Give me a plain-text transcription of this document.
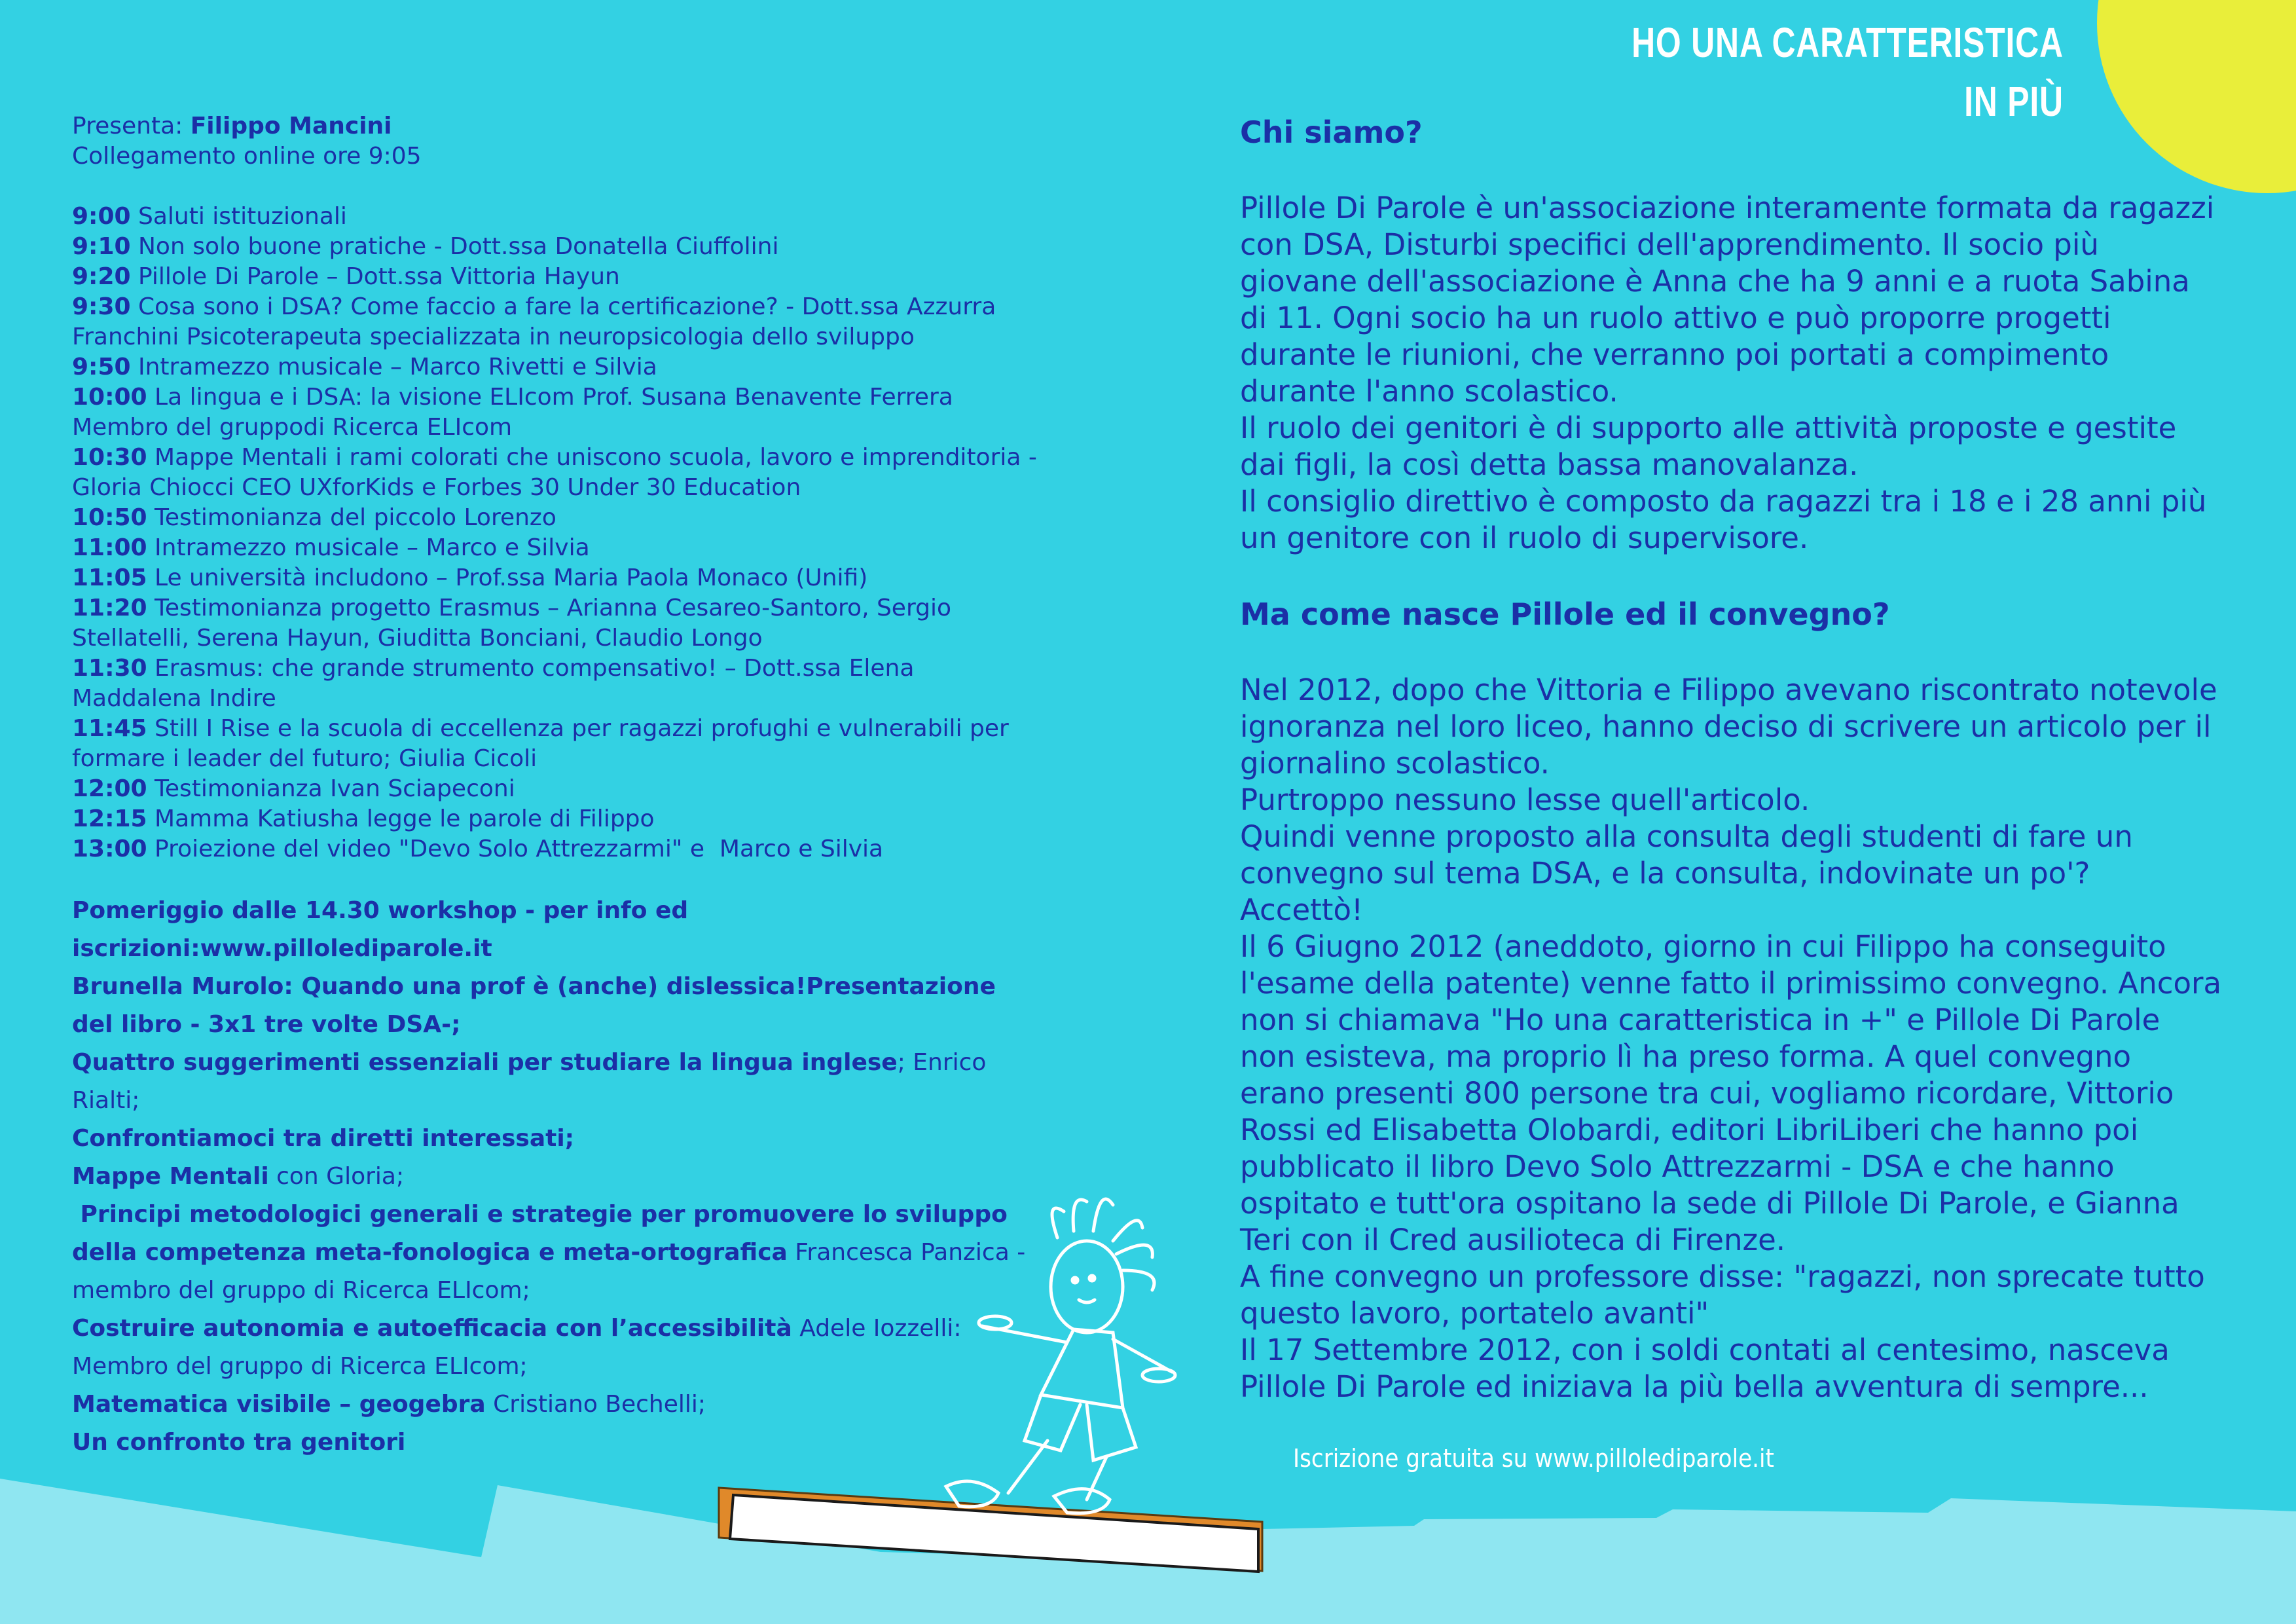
HO UNA CARATTERISTICA
IN PIÙ
Presenta: Filippo Mancini
Collegamento online ore 9:05
9:00 Saluti istituzionali
9:10 Non solo buone pratiche - Dott.ssa Donatella Ciuffolini
9:20 Pillole Di Parole – Dott.ssa Vittoria Hayun
9:30 Cosa sono i DSA? Come faccio a fare la certificazione? - Dott.ssa Azzurra
Franchini Psicoterapeuta specializzata in neuropsicologia dello sviluppo
9:50 Intramezzo musicale – Marco Rivetti e Silvia
10:00 La lingua e i DSA: la visione ELIcom Prof. Susana Benavente Ferrera
Membro del gruppodi Ricerca ELIcom
10:30 Mappe Mentali i rami colorati che uniscono scuola, lavoro e imprenditoria -
Gloria Chiocci CEO UXforKids e Forbes 30 Under 30 Education
10:50 Testimonianza del piccolo Lorenzo
11:00 Intramezzo musicale – Marco e Silvia
11:05 Le università includono – Prof.ssa Maria Paola Monaco (Unifi)
11:20 Testimonianza progetto Erasmus – Arianna Cesareo-Santoro, Sergio
Stellatelli, Serena Hayun, Giuditta Bonciani, Claudio Longo
11:30 Erasmus: che grande strumento compensativo! – Dott.ssa Elena
Maddalena Indire
11:45 Still I Rise e la scuola di eccellenza per ragazzi profughi e vulnerabili per
formare i leader del futuro; Giulia Cicoli
12:00 Testimonianza Ivan Sciapeconi
12:15 Mamma Katiusha legge le parole di Filippo
13:00 Proiezione del video "Devo Solo Attrezzarmi" e  Marco e Silvia
Pomeriggio dalle 14.30 workshop - per info ed
iscrizioni:www.pillolediparole.it
Brunella Murolo: Quando una prof è (anche) dislessica!Presentazione
del libro - 3x1 tre volte DSA-;
Quattro suggerimenti essenziali per studiare la lingua inglese; Enrico
Rialti;
Confrontiamoci tra diretti interessati;
Mappe Mentali con Gloria;
Principi metodologici generali e strategie per promuovere lo sviluppo
della competenza meta-fonologica e meta-ortografica Francesca Panzica -
membro del gruppo di Ricerca ELIcom;
Costruire autonomia e autoefficacia con l’accessibilità Adele Iozzelli:
Membro del gruppo di Ricerca ELIcom;
Matematica visibile – geogebra Cristiano Bechelli;
Un confronto tra genitori
Chi siamo?

Pillole Di Parole è un'associazione interamente formata da ragazzi

con DSA, Disturbi specifici dell'apprendimento. Il socio più

giovane dell'associazione è Anna che ha 9 anni e a ruota Sabina

di 11. Ogni socio ha un ruolo attivo e può proporre progetti

durante le riunioni, che verranno poi portati a compimento

durante l'anno scolastico.

Il ruolo dei genitori è di supporto alle attività proposte e gestite

dai figli, la così detta bassa manovalanza.

Il consiglio direttivo è composto da ragazzi tra i 18 e i 28 anni più

un genitore con il ruolo di supervisore.

Ma come nasce Pillole ed il convegno?

Nel 2012, dopo che Vittoria e Filippo avevano riscontrato notevole

ignoranza nel loro liceo, hanno deciso di scrivere un articolo per il

giornalino scolastico.

Purtroppo nessuno lesse quell'articolo.

Quindi venne proposto alla consulta degli studenti di fare un

convegno sul tema DSA, e la consulta, indovinate un po'?

Accettò!

Il 6 Giugno 2012 (aneddoto, giorno in cui Filippo ha conseguito

l'esame della patente) venne fatto il primissimo convegno. Ancora

non si chiamava "Ho una caratteristica in +" e Pillole Di Parole

non esisteva, ma proprio lì ha preso forma. A quel convegno

erano presenti 800 persone tra cui, vogliamo ricordare, Vittorio

Rossi ed Elisabetta Olobardi, editori LibriLiberi che hanno poi

pubblicato il libro Devo Solo Attrezzarmi - DSA e che hanno

ospitato e tutt'ora ospitano la sede di Pillole Di Parole, e Gianna

Teri con il Cred ausilioteca di Firenze.

A fine convegno un professore disse: "ragazzi, non sprecate tutto

questo lavoro, portatelo avanti"

Il 17 Settembre 2012, con i soldi contati al centesimo, nasceva

Pillole Di Parole ed iniziava la più bella avventura di sempre...

Iscrizione gratuita su www.pillolediparole.it
